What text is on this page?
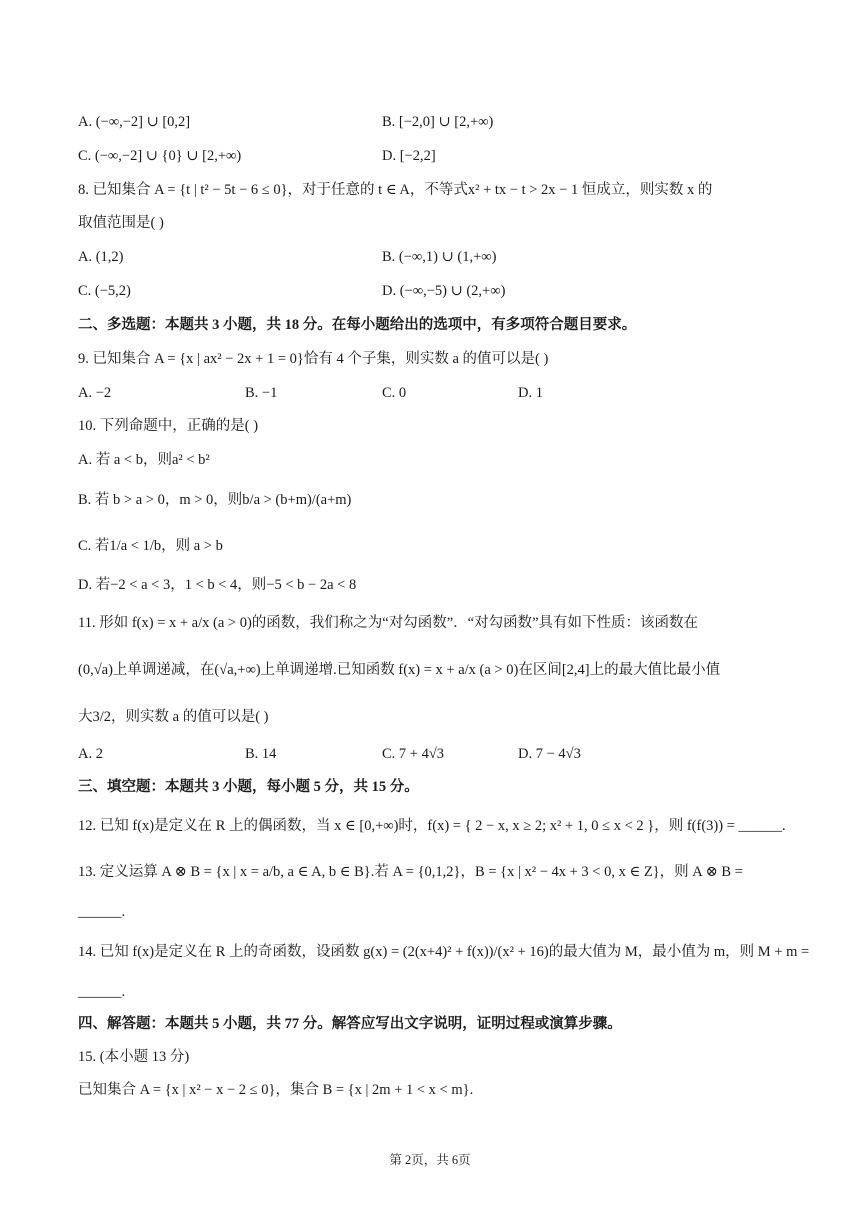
A. (−∞,−2] ∪ [0,2]	B. [−2,0] ∪ [2,+∞)
C. (−∞,−2] ∪ {0} ∪ [2,+∞)	D. [−2,2]
8. 已知集合 A = {t | t² − 5t − 6 ≤ 0}，对于任意的 t ∈ A，不等式x² + tx − t > 2x − 1 恒成立，则实数 x 的
取值范围是( )
A. (1,2)	B. (−∞,1) ∪ (1,+∞)
C. (−5,2)	D. (−∞,−5) ∪ (2,+∞)
二、多选题：本题共 3 小题，共 18 分。在每小题给出的选项中，有多项符合题目要求。
9. 已知集合 A = {x | ax² − 2x + 1 = 0}恰有 4 个子集，则实数 a 的值可以是( )
A. −2	B. −1	C. 0	D. 1
10. 下列命题中，正确的是( )
A. 若 a < b，则a² < b²
B. 若 b > a > 0，m > 0，则b/a > (b+m)/(a+m)
C. 若1/a < 1/b，则 a > b
D. 若−2 < a < 3，1 < b < 4，则−5 < b − 2a < 8
11. 形如 f(x) = x + a/x (a > 0)的函数，我们称之为“对勾函数”．“对勾函数”具有如下性质：该函数在
(0,√a)上单调递减，在(√a,+∞)上单调递增.已知函数 f(x) = x + a/x (a > 0)在区间[2,4]上的最大值比最小值
大3/2，则实数 a 的值可以是( )
A. 2	B. 14	C. 7 + 4√3	D. 7 − 4√3
三、填空题：本题共 3 小题，每小题 5 分，共 15 分。
12. 已知 f(x)是定义在 R 上的偶函数，当 x ∈ [0,+∞)时，f(x) = { 2 − x, x ≥ 2; x² + 1, 0 ≤ x < 2 }，则 f(f(3)) = ______.
13. 定义运算 A ⊗ B = {x | x = a/b, a ∈ A, b ∈ B}.若 A = {0,1,2}，B = {x | x² − 4x + 3 < 0, x ∈ Z}，则 A ⊗ B =
______.
14. 已知 f(x)是定义在 R 上的奇函数，设函数 g(x) = (2(x+4)² + f(x))/(x² + 16)的最大值为 M，最小值为 m，则 M + m =
______.
四、解答题：本题共 5 小题，共 77 分。解答应写出文字说明，证明过程或演算步骤。
15. (本小题 13 分)
已知集合 A = {x | x² − x − 2 ≤ 0}，集合 B = {x | 2m + 1 < x < m}.
第 2页，共 6页
